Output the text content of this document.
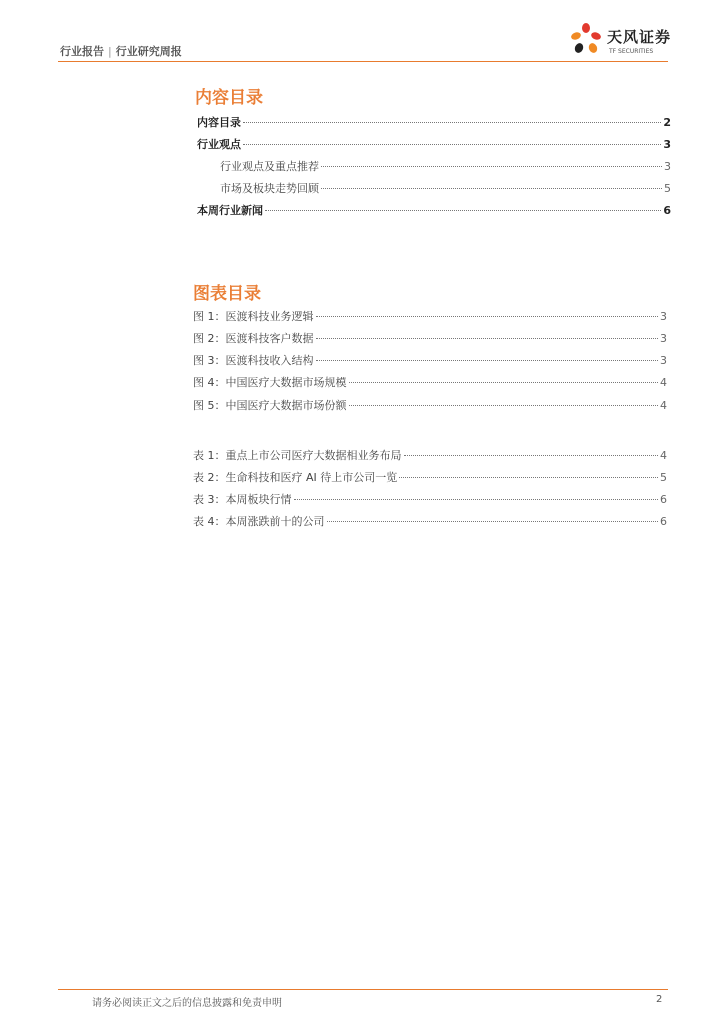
行业报告 | 行业研究周报
天风证券
TF SECURITIES
内容目录
内容目录	2
行业观点	3
行业观点及重点推荐	3
市场及板块走势回顾	5
本周行业新闻	6
图表目录
图 1：医渡科技业务逻辑	3
图 2：医渡科技客户数据	3
图 3：医渡科技收入结构	3
图 4：中国医疗大数据市场规模	4
图 5：中国医疗大数据市场份额	4
表 1：重点上市公司医疗大数据相业务布局	4
表 2：生命科技和医疗 AI 待上市公司一览	5
表 3：本周板块行情	6
表 4：本周涨跌前十的公司	6
请务必阅读正文之后的信息披露和免责申明	2
